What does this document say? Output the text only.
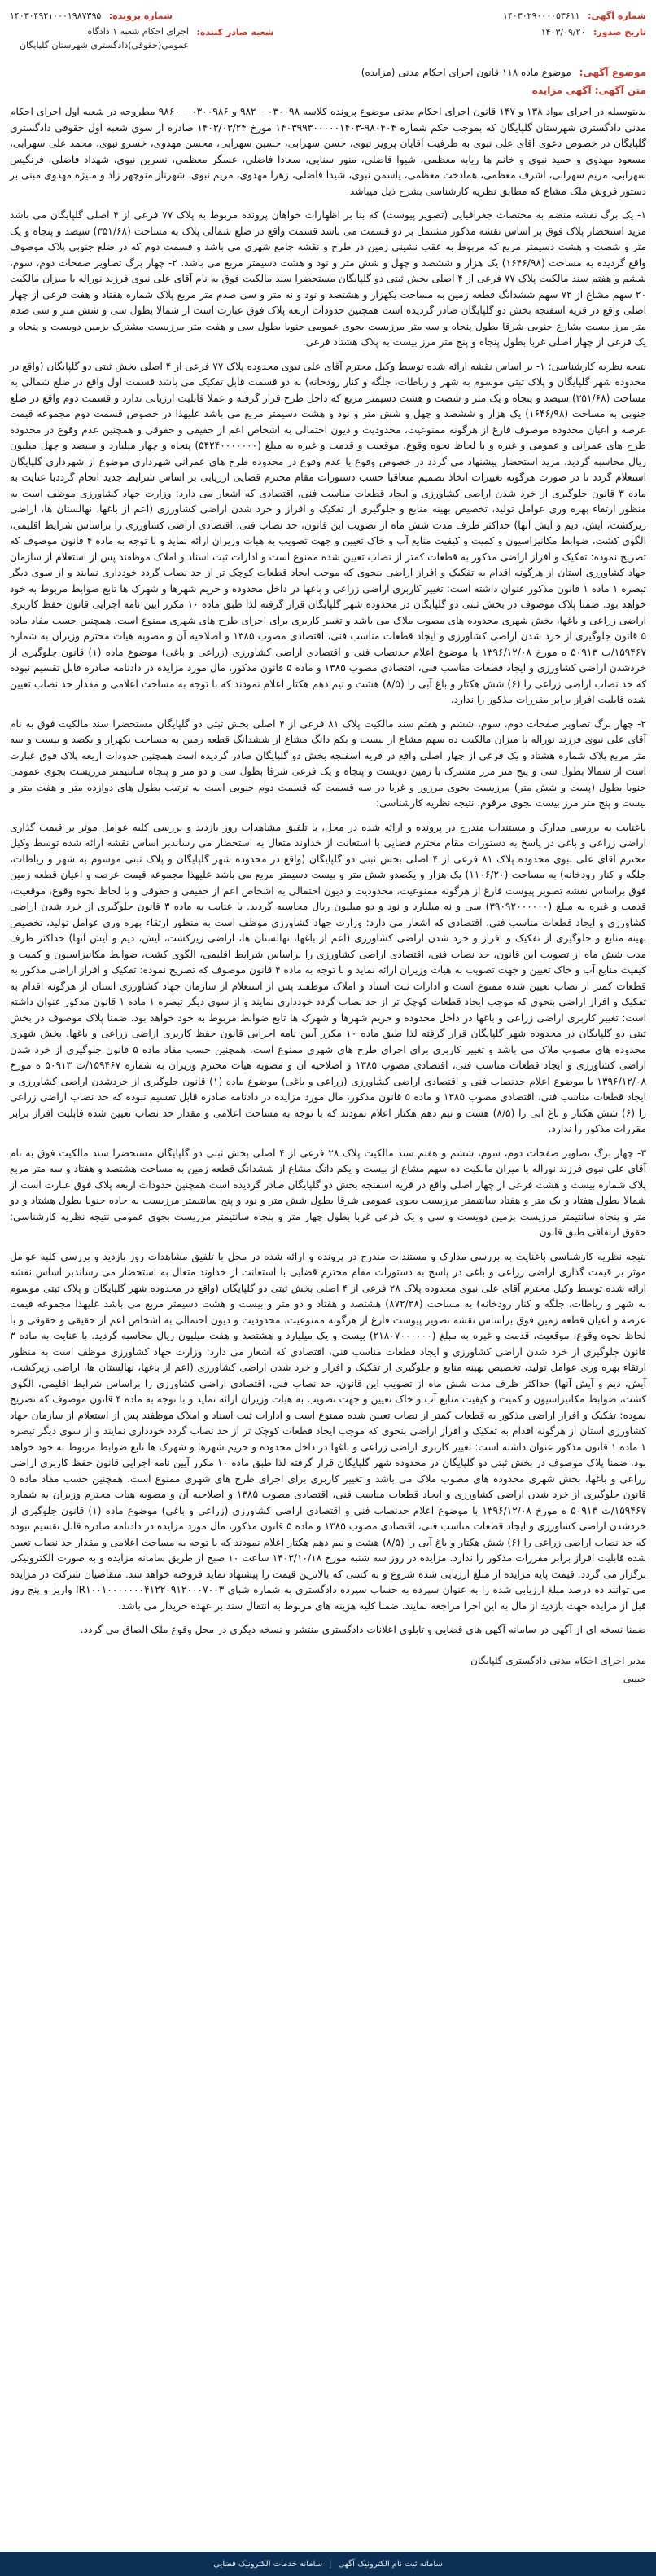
شماره آگهی: ۱۴۰۳۰۲۹۰۰۰۰۵۳۶۱۱
شماره پرونده: ۱۴۰۳۰۴۹۲۱۰۰۰۱۹۸۷۳۹۵
تاریخ صدور: ۱۴۰۳/۰۹/۲۰
شعبه صادر کننده: اجرای احکام شعبه ۱ دادگاه عمومی(حقوقی)دادگستری شهرستان گلپایگان
موضوع آگهی: موضوع ماده ۱۱۸ قانون اجرای احکام مدنی (مزایده)
متن آگهی: آگهی مزایده

بدینوسیله در اجرای مواد ۱۳۸ و ۱۴۷ قانون اجرای احکام مدنی موضوع پرونده کلاسه ۰۳۰۰۹۸ – ۹۸۲ و ۰۳۰۰۹۸۶ – ۹۸۶۰ مطروحه در شعبه اول اجرای احکام مدنی دادگستری شهرستان گلپایگان که بموجب حکم شماره ۹۸۰۴۰۴-۱۴۰۳۹۹۳۰۰۰۰۰۱۴۰۳ مورخ ۱۴۰۳/۰۳/۲۴ صادره از سوی شعبه اول حقوقی دادگستری گلپایگان در خصوص دعوی آقای علی نبوی به طرفیت آقایان پرویز نبوی، حسن سهرابی، حسین سهرابی، محسن مهدوی، خسرو نبوی، محمد علی سهرابی، مسعود مهدوی و حمید نبوی و خانم ها ریابه معظمی، شیوا فاضلی، منور سنایی، سعادا فاضلی، عسگر معظمی، نسرین نبوی، شهداد فاضلی، فرنگیس سهرابی، مریم سهرابی، اشرف معظمی، همادخت معظمی، یاسمن نبوی، شیدا فاضلی، زهرا مهدوی، مریم نبوی، شهرناز منوچهر زاد و منیژه مهدوی مبنی بر دستور فروش ملک مشاع که مطابق نظریه کارشناسی بشرح ذیل میباشد

۱- یک برگ نقشه منضم به مختصات جغرافیایی (تصویر پیوست) که بنا بر اظهارات خواهان پرونده مربوط به پلاک ۷۷ فرعی از ۴ اصلی گلپایگان می باشد مزید استحضار پلاک فوق بر اساس نقشه مذکور مشتمل بر دو قسمت می باشد قسمت واقع در ضلع شمالی پلاک به مساحت (۳۵۱/۶۸) سیصد و پنجاه و یک متر و شصت و هشت دسیمتر مربع که مربوط به عقب نشینی زمین در طرح و نقشه جامع شهری می باشد و قسمت دوم که در ضلع جنوبی پلاک موصوف واقع گردیده به مساحت (۱۶۴۶/۹۸) یک هزار و ششصد و چهل و شش متر و نود و هشت دسیمتر مربع می باشد. ۲- چهار برگ تصاویر صفحات دوم، سوم، ششم و هفتم سند مالکیت پلاک ۷۷ فرعی از ۴ اصلی بخش ثبتی دو گلپایگان مستحضرا سند مالکیت فوق به نام آقای علی نبوی فرزند نوراله با میزان مالکیت ۲۰ سهم مشاع از ۷۲ سهم ششدانگ قطعه زمین به مساحت یکهزار و هشتصد و نود و نه متر و سی صدم متر مربع پلاک شماره هفتاد و هفت فرعی از چهار اصلی واقع در قریه اسفنجه بخش دو گلپایگان صادر گردیده است همچنین حدودات اربعه پلاک فوق عبارت است از شمالا بطول سی و شش متر و سی صدم متر مرز بیست بشارع جنوبی شرقا بطول پنجاه و سه متر مرزیست بجوی عمومی جنوبا بطول سی و هفت متر مرزیست مشترک بزمین دویست و پنجاه و یک فرعی از چهار اصلی غربا بطول پنجاه و پنج متر مرز بیست به پلاک هشتاد فرعی.

نتیجه نظریه کارشناسی: ۱- بر اساس نقشه ارائه شده توسط وکیل محترم آقای علی نبوی محدوده پلاک ۷۷ فرعی از ۴ اصلی بخش ثبتی دو گلپایگان (واقع در محدوده شهر گلپایگان و پلاک ثبتی موسوم به شهر و رباطات، جلگه و کنار رودخانه) به دو قسمت قابل تفکیک می باشد قسمت اول واقع در ضلع شمالی به مساحت (۳۵۱/۶۸) سیصد و پنجاه و یک متر و شصت و هشت دسیمتر مربع که داخل طرح قرار گرفته و عملا قابلیت ارزیابی ندارد و قسمت دوم واقع در ضلع جنوبی به مساحت (۱۶۴۶/۹۸) یک هزار و ششصد و چهل و شش متر و نود و هشت دسیمتر مربع می باشد علیهذا در خصوص قسمت دوم مجموعه قیمت عرصه و اعیان محدوده موصوف فارغ از هرگونه ممنوعیت، محدودیت و دیون احتمالی به اشخاص اعم از حقیقی و حقوقی و همچنین عدم وقوع در محدوده طرح های عمرانی و عمومی و غیره و با لحاظ نحوه وقوع، موقعیت و قدمت و غیره به مبلغ (۵۴۲۴۰۰۰۰۰۰۰) پنجاه و چهار میلیارد و سیصد و چهل میلیون ریال محاسبه گردید. مزید استحضار پیشنهاد می گردد در خصوص وقوع یا عدم وقوع در محدوده طرح های عمرانی شهرداری موضوع از شهرداری گلپایگان استعلام گردد تا در صورت هرگونه تغییرات اتخاذ تصمیم متعاقبا حسب دستورات مقام محترم قضایی ارزیابی بر اساس شرایط جدید انجام گرددبا عنایت به ماده ۳ قانون جلوگیری از خرد شدن اراضی کشاورزی و ایجاد قطعات مناسب فنی، اقتصادی که اشعار می دارد: وزارت جهاد کشاورزی موظف است به منظور ارتقاء بهره وری عوامل تولید، تخصیص بهینه منابع و جلوگیری از تفکیک و افراز و خرد شدن اراضی کشاورزی (اعم از باغها، نهالستان ها، اراضی زیرکشت، آیش، دیم و آیش آنها) حداکثر ظرف مدت شش ماه از تصویب این قانون، حد نصاب فنی، اقتصادی اراضی کشاورزی را براساس شرایط اقلیمی، الگوی کشت، ضوابط مکانیزاسیون و کمیت و کیفیت منابع آب و خاک تعیین و جهت تصویب به هیات وزیران ارائه نماید و با توجه به ماده ۴ قانون موصوف که تصریح نموده: تفکیک و افراز اراضی مذکور به قطعات کمتر از نصاب تعیین شده ممنوع است و ادارات ثبت اسناد و املاک موظفند پس از استعلام از سازمان جهاد کشاورزی استان از هرگونه اقدام به تفکیک و افراز اراضی بنحوی که موجب ایجاد قطعات کوچک تر از حد نصاب گردد خودداری نمایند و از سوی دیگر تبصره ۱ ماده ۱ قانون مذکور عنوان داشته است: تغییر کاربری اراضی زراعی و باغها در داخل محدوده و حریم شهرها و شهرک ها تابع ضوابط مربوط به خود خواهد بود. ضمنا پلاک موصوف در بخش ثبتی دو گلپایگان در محدوده شهر گلپایگان قرار گرفته لذا طبق ماده ۱۰ مکرر آیین نامه اجرایی قانون حفظ کاربری اراضی زراعی و باغها، بخش شهری محدوده های مصوب ملاک می باشد و تغییر کاربری برای اجرای طرح های شهری ممنوع است. همچنین حسب مفاد ماده ۵ قانون جلوگیری از خرد شدن اراضی کشاورزی و ایجاد قطعات مناسب فنی، اقتصادی مصوب ۱۳۸۵ و اصلاحیه آن و مصوبه هیات محترم وزیران به شماره ۱۵۹۴۶۷/ت ۵۰۹۱۳ ه مورخ ۱۳۹۶/۱۲/۰۸ با موضوع اعلام حدنصاب فنی و اقتصادی اراضی کشاورزی (زراعی و باغی) موضوع ماده (۱) قانون جلوگیری از خردشدن اراضی کشاورزی و ایجاد قطعات مناسب فنی، اقتصادی مصوب ۱۳۸۵ و ماده ۵ قانون مذکور، مال مورد مزایده در دادنامه صادره قابل تقسیم نبوده که حد نصاب اراضی زراعی را (۶) شش هکتار و باغ آبی را (۸/۵) هشت و نیم دهم هکتار اعلام نمودند که با توجه به مساحت اعلامی و مقدار حد نصاب تعیین شده قابلیت افراز برابر مقررات مذکور را ندارد.

۲- چهار برگ تصاویر صفحات دوم، سوم، ششم و هفتم سند مالکیت پلاک ۸۱ فرعی از ۴ اصلی بخش ثبتی دو گلپایگان مستحضرا سند مالکیت فوق به نام آقای علی نبوی فرزند نوراله با میزان مالکیت ده سهم مشاع از بیست و یکم دانگ مشاع از ششدانگ قطعه زمین به مساحت یکهزار و یکصد و بیست و سه متر مربع پلاک شماره هشتاد و یک فرعی از چهار اصلی واقع در قریه اسفنجه بخش دو گلپایگان صادر گردیده است همچنین حدودات اربعه پلاک فوق عبارت است از شمالا بطول سی و پنج متر مرز مشترک با زمین دویست و پنجاه و یک فرعی شرقا بطول سی و دو متر و پنجاه سانتیمتر مرزیست بجوی عمومی جنوبا بطول (پست و شش متر) مرزیست بجوی مرزور و غربا در سه قسمت که قسمت دوم جنوبی است به ترتیب بطول های دوازده متر و هفت متر و بیست و پنج متر مرز بیست بجوی مرقوم. نتیجه نظریه کارشناسی:

باعنایت به بررسی مدارک و مستندات مندرج در پرونده و ارائه شده در محل، با تلفیق مشاهدات روز بازدید و بررسی کلیه عوامل موثر بر قیمت گذاری اراضی زراعی و باغی در پاسخ به دستورات مقام محترم قضایی با استعانت از خداوند متعال به استحضار می رساندبر اساس نقشه ارائه شده توسط وکیل محترم آقای علی نبوی محدوده پلاک ۸۱ فرعی از ۴ اصلی بخش ثبتی دو گلپایگان (واقع در محدوده شهر گلپایگان و پلاک ثبتی موسوم به شهر و رباطات، جلگه و کنار رودخانه) به مساحت (۱۱۰۶/۲۰) یک هزار و یکصدو شش متر و بیست دسیمتر مربع می باشد علیهذا مجموعه قیمت عرصه و اعیان قطعه زمین فوق براساس نقشه تصویر پیوست فارغ از هرگونه ممنوعیت، محدودیت و دیون احتمالی به اشخاص اعم از حقیقی و حقوقی و با لحاظ نحوه وقوع، موقعیت، قدمت و غیره به مبلغ (۳۹۰۹۲۰۰۰۰۰۰) سی و نه میلیارد و نود و دو میلیون ریال محاسبه گردید. با عنایت به ماده ۳ قانون جلوگیری از خرد شدن اراضی کشاورزی و ایجاد قطعات مناسب فنی، اقتصادی که اشعار می دارد: وزارت جهاد کشاورزی موظف است به منظور ارتقاء بهره وری عوامل تولید، تخصیص بهینه منابع و جلوگیری از تفکیک و افراز و خرد شدن اراضی کشاورزی (اعم از باغها، نهالستان ها، اراضی زیرکشت، آیش، دیم و آیش آنها) حداکثر ظرف مدت شش ماه از تصویب این قانون، حد نصاب فنی، اقتصادی اراضی کشاورزی را براساس شرایط اقلیمی، الگوی کشت، ضوابط مکانیزاسیون و کمیت و کیفیت منابع آب و خاک تعیین و جهت تصویب به هیات وزیران ارائه نماید و با توجه به ماده ۴ قانون موصوف که تصریح نموده: تفکیک و افراز اراضی مذکور به قطعات کمتر از نصاب تعیین شده ممنوع است و ادارات ثبت اسناد و املاک موظفند پس از استعلام از سازمان جهاد کشاورزی استان از هرگونه اقدام به تفکیک و افراز اراضی بنحوی که موجب ایجاد قطعات کوچک تر از حد نصاب گردد خودداری نمایند و از سوی دیگر تبصره ۱ ماده ۱ قانون مذکور عنوان داشته است: تغییر کاربری اراضی زراعی و باغها در داخل محدوده و حریم شهرها و شهرک ها تابع ضوابط مربوط به خود خواهد بود. ضمنا پلاک موصوف در بخش ثبتی دو گلپایگان در محدوده شهر گلپایگان قرار گرفته لذا طبق ماده ۱۰ مکرر آیین نامه اجرایی قانون حفظ کاربری اراضی زراعی و باغها، بخش شهری محدوده های مصوب ملاک می باشد و تغییر کاربری برای اجرای طرح های شهری ممنوع است. همچنین حسب مفاد ماده ۵ قانون جلوگیری از خرد شدن اراضی کشاورزی و ایجاد قطعات مناسب فنی، اقتصادی مصوب ۱۳۸۵ و اصلاحیه آن و مصوبه هیات محترم وزیران به شماره ۱۵۹۴۶۷/ت ۵۰۹۱۳ ه مورخ ۱۳۹۶/۱۲/۰۸ با موضوع اعلام حدنصاب فنی و اقتصادی اراضی کشاورزی (زراعی و باغی) موضوع ماده (۱) قانون جلوگیری از خردشدن اراضی کشاورزی و ایجاد قطعات مناسب فنی، اقتصادی مصوب ۱۳۸۵ و ماده ۵ قانون مذکور، مال مورد مزایده در دادنامه صادره قابل تقسیم نبوده که حد نصاب اراضی زراعی را (۶) شش هکتار و باغ آبی را (۸/۵) هشت و نیم دهم هکتار اعلام نمودند که با توجه به مساحت اعلامی و مقدار حد نصاب تعیین شده قابلیت افراز برابر مقررات مذکور را ندارد.

۳- چهار برگ تصاویر صفحات دوم، سوم، ششم و هفتم سند مالکیت پلاک ۲۸ فرعی از ۴ اصلی بخش ثبتی دو گلپایگان مستحضرا سند مالکیت فوق به نام آقای علی نبوی فرزند نوراله با میزان مالکیت ده سهم مشاع از بیست و یکم دانگ مشاع از ششدانگ قطعه زمین به مساحت هشتصد و هفتاد و سه متر مربع پلاک شماره بیست و هشت فرعی از چهار اصلی واقع در قریه اسفنجه بخش دو گلپایگان صادر گردیده است همچنین حدودات اربعه پلاک فوق عبارت است از شمالا بطول هفتاد و یک متر و هفتاد سانتیمتر مرزیست بجوی عمومی شرقا بطول شش متر و نود و پنج سانتیمتر مرزیست به جاده جنوبا بطول هشتاد و دو متر و پنجاه سانتیمتر مرزیست بزمین دویست و سی و یک فرعی غربا بطول چهار متر و پنجاه سانتیمتر مرزیست بجوی عمومی نتیجه نظریه کارشناسی: حقوق ارتفاقی طبق قانون

نتیجه نظریه کارشناسی باعنایت به بررسی مدارک و مستندات مندرج در پرونده و ارائه شده در محل با تلفیق مشاهدات روز بازدید و بررسی کلیه عوامل موثر بر قیمت گذاری اراضی زراعی و باغی در پاسخ به دستورات مقام محترم قضایی با استعانت از خداوند متعال به استحضار می رساندبر اساس نقشه ارائه شده توسط وکیل محترم آقای علی نبوی محدوده پلاک ۲۸ فرعی از ۴ اصلی بخش ثبتی دو گلپایگان (واقع در محدوده شهر گلپایگان و پلاک ثبتی موسوم به شهر و رباطات، جلگه و کنار رودخانه) به مساحت (۸۷۲/۲۸) هشتصد و هفتاد و دو متر و بیست و هشت دسیمتر مربع می باشد علیهذا مجموعه قیمت عرصه و اعیان قطعه زمین فوق براساس نقشه تصویر پیوست فارغ از هرگونه ممنوعیت، محدودیت و دیون احتمالی به اشخاص اعم از حقیقی و حقوقی و با لحاظ نحوه وقوع، موقعیت، قدمت و غیره به مبلغ (۲۱۸۰۷۰۰۰۰۰۰) بیست و یک میلیارد و هشتصد و هفت میلیون ریال محاسبه گردید. با عنایت به ماده ۳ قانون جلوگیری از خرد شدن اراضی کشاورزی و ایجاد قطعات مناسب فنی، اقتصادی که اشعار می دارد: وزارت جهاد کشاورزی موظف است به منظور ارتقاء بهره وری عوامل تولید، تخصیص بهینه منابع و جلوگیری از تفکیک و افراز و خرد شدن اراضی کشاورزی (اعم از باغها، نهالستان ها، اراضی زیرکشت، آیش، دیم و آیش آنها) حداکثر ظرف مدت شش ماه از تصویب این قانون، حد نصاب فنی، اقتصادی اراضی کشاورزی را براساس شرایط اقلیمی، الگوی کشت، ضوابط مکانیزاسیون و کمیت و کیفیت منابع آب و خاک تعیین و جهت تصویب به هیات وزیران ارائه نماید و با توجه به ماده ۴ قانون موصوف که تصریح نموده: تفکیک و افراز اراضی مذکور به قطعات کمتر از نصاب تعیین شده ممنوع است و ادارات ثبت اسناد و املاک موظفند پس از استعلام از سازمان جهاد کشاورزی استان از هرگونه اقدام به تفکیک و افراز اراضی بنحوی که موجب ایجاد قطعات کوچک تر از حد نصاب گردد خودداری نمایند و از سوی دیگر تبصره ۱ ماده ۱ قانون مذکور عنوان داشته است: تغییر کاربری اراضی زراعی و باغها در داخل محدوده و حریم شهرها و شهرک ها تابع ضوابط مربوط به خود خواهد بود. ضمنا پلاک موصوف در بخش ثبتی دو گلپایگان در محدوده شهر گلپایگان قرار گرفته لذا طبق ماده ۱۰ مکرر آیین نامه اجرایی قانون حفظ کاربری اراضی زراعی و باغها، بخش شهری محدوده های مصوب ملاک می باشد و تغییر کاربری برای اجرای طرح های شهری ممنوع است. همچنین حسب مفاد ماده ۵ قانون جلوگیری از خرد شدن اراضی کشاورزی و ایجاد قطعات مناسب فنی، اقتصادی مصوب ۱۳۸۵ و اصلاحیه آن و مصوبه هیات محترم وزیران به شماره ۱۵۹۴۶۷/ت ۵۰۹۱۳ ه مورخ ۱۳۹۶/۱۲/۰۸ با موضوع اعلام حدنصاب فنی و اقتصادی اراضی کشاورزی (زراعی و باغی) موضوع ماده (۱) قانون جلوگیری از خردشدن اراضی کشاورزی و ایجاد قطعات مناسب فنی، اقتصادی مصوب ۱۳۸۵ و ماده ۵ قانون مذکور، مال مورد مزایده در دادنامه صادره قابل تقسیم نبوده که حد نصاب اراضی زراعی را (۶) شش هکتار و باغ آبی را (۸/۵) هشت و نیم دهم هکتار اعلام نمودند که با توجه به مساحت اعلامی و مقدار حد نصاب تعیین شده قابلیت افراز برابر مقررات مذکور را ندارد. مزایده در روز سه شنبه مورخ ۱۴۰۳/۱۰/۱۸ ساعت ۱۰ صبح از طریق سامانه مزایده و به صورت الکترونیکی برگزار می گردد. قیمت پایه مزایده از مبلغ ارزیابی شده شروع و به کسی که بالاترین قیمت را پیشنهاد نماید فروخته خواهد شد. متقاضیان شرکت در مزایده می توانند ده درصد مبلغ ارزیابی شده را به عنوان سپرده به حساب سپرده دادگستری به شماره شبای IR۱۰۰۱۰۰۰۰۰۰۰۴۱۲۲۰۹۱۲۰۰۰۷۰۰۳ واریز و پنج روز قبل از مزایده جهت بازدید از مال به این اجرا مراجعه نمایند. ضمنا کلیه هزینه های مربوط به انتقال سند بر عهده خریدار می باشد.

ضمنا نسخه ای از آگهی در سامانه آگهی های قضایی و تابلوی اعلانات دادگستری منتشر و نسخه دیگری در محل وقوع ملک الصاق می گردد.

مدیر اجرای احکام مدنی دادگستری گلپایگان
حبیبی
سامانه ثبت نام الکترونیک آگهی
|
سامانه خدمات الکترونیک قضایی
